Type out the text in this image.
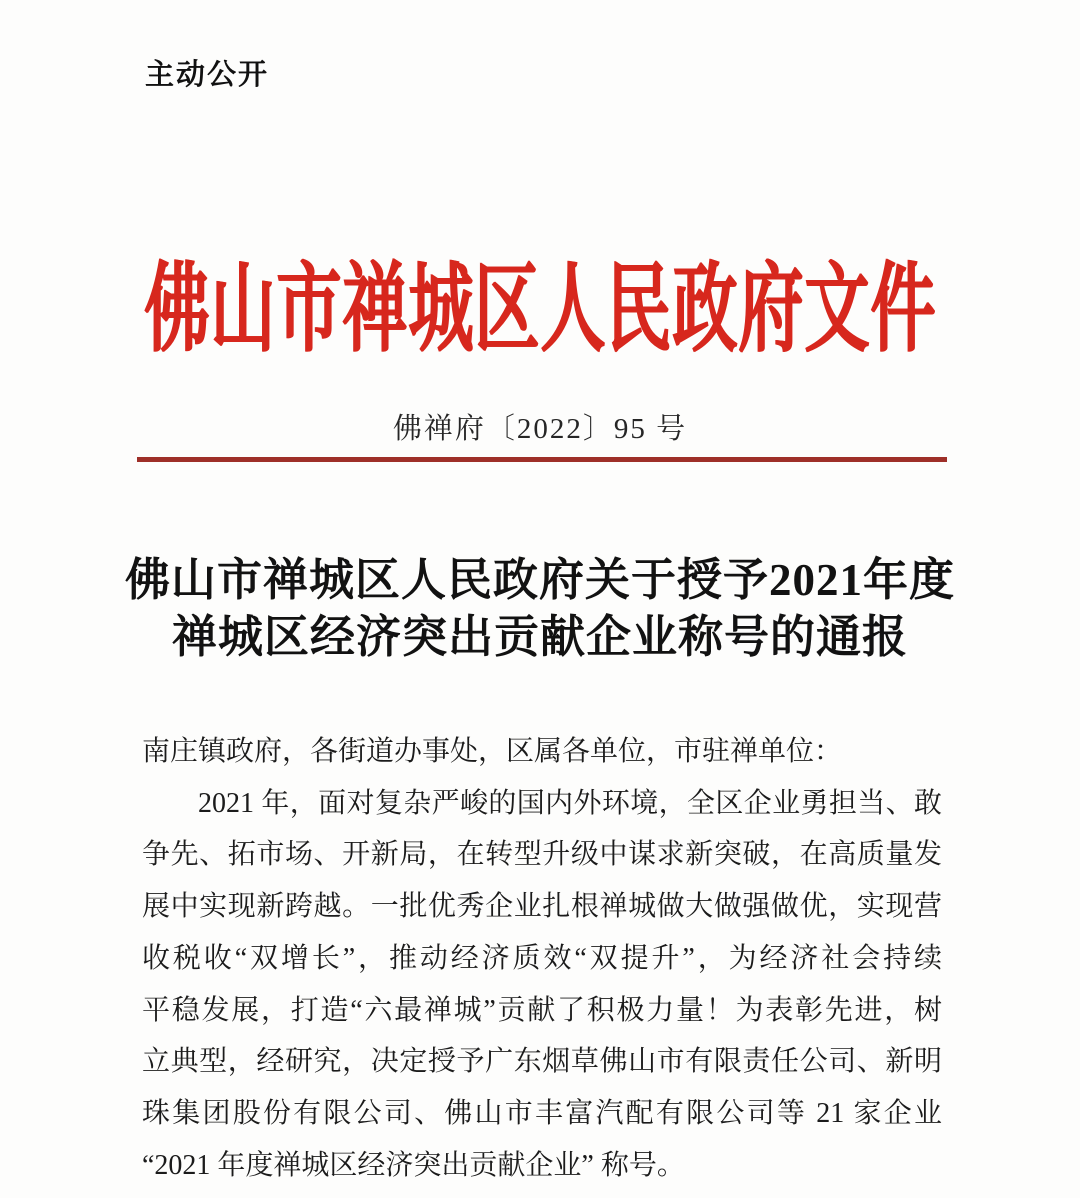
主动公开
佛山市禅城区人民政府文件
佛禅府〔2022〕95 号
佛山市禅城区人民政府关于授予2021年度
禅城区经济突出贡献企业称号的通报
南庄镇政府，各街道办事处，区属各单位，市驻禅单位：
2021 年，面对复杂严峻的国内外环境，全区企业勇担当、敢
争先、拓市场、开新局，在转型升级中谋求新突破，在高质量发
展中实现新跨越。一批优秀企业扎根禅城做大做强做优，实现营
收税收“双增长”，推动经济质效“双提升”，为经济社会持续
平稳发展，打造“六最禅城”贡献了积极力量！为表彰先进，树
立典型，经研究，决定授予广东烟草佛山市有限责任公司、新明
珠集团股份有限公司、佛山市丰富汽配有限公司等 21 家企业
“2021 年度禅城区经济突出贡献企业” 称号。
